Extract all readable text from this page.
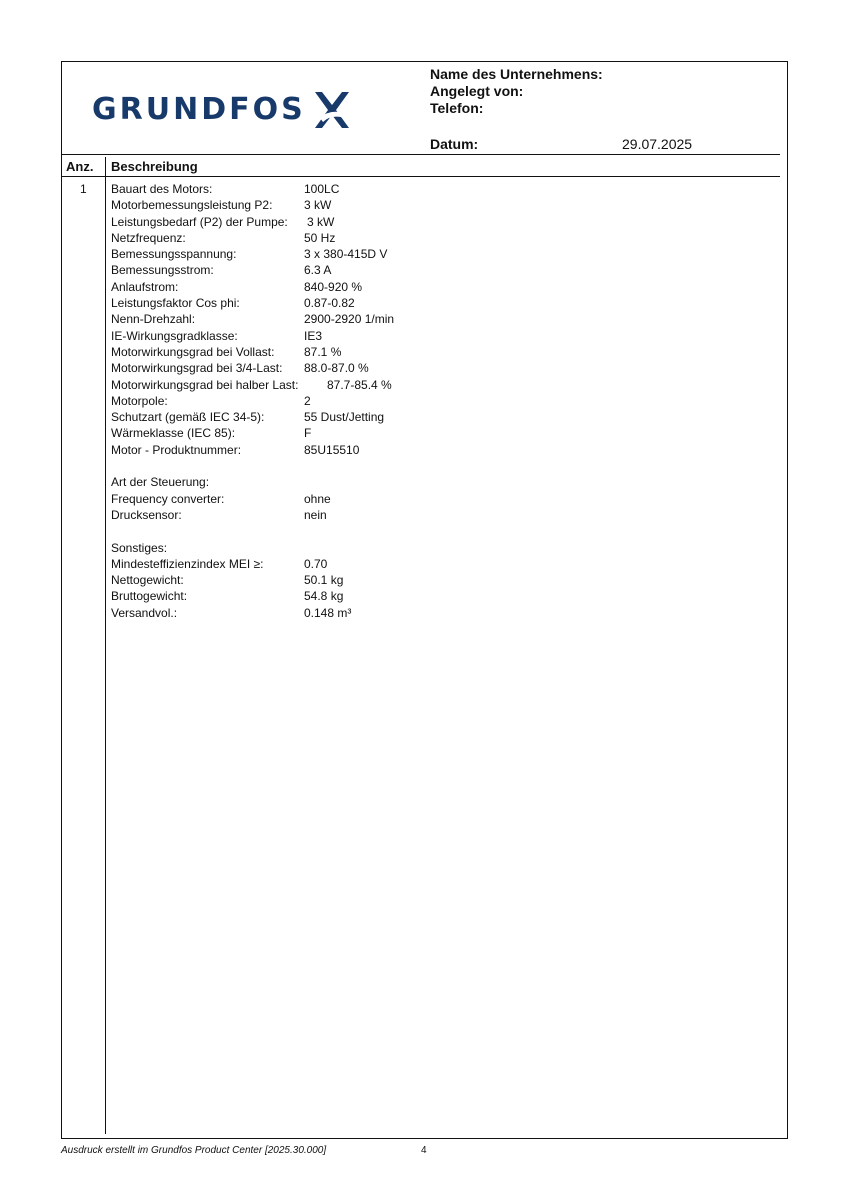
GRUNDFOS
Name des Unternehmens:
Angelegt von:
Telefon:
Datum:	29.07.2025
Anz. Beschreibung
1 Bauart des Motors:	100LC
Motorbemessungsleistung P2:	3 kW
Leistungsbedarf (P2) der Pumpe: 3 kW
Netzfrequenz:	50 Hz
Bemessungsspannung:	3 x 380-415D V
Bemessungsstrom:	6.3 A
Anlaufstrom:	840-920 %
Leistungsfaktor Cos phi:	0.87-0.82
Nenn-Drehzahl:	2900-2920 1/min
IE-Wirkungsgradklasse:	IE3
Motorwirkungsgrad bei Vollast: 87.1 %
Motorwirkungsgrad bei 3/4-Last: 88.0-87.0 %
Motorwirkungsgrad bei halber Last: 87.7-85.4 %
Motorpole:	2
Schutzart (gemäß IEC 34-5):	55 Dust/Jetting
Wärmeklasse (IEC 85):	F
Motor - Produktnummer:	85U15510
Art der Steuerung:
Frequency converter:	ohne
Drucksensor:	nein
Sonstiges:
Mindesteffizienzindex MEI ≥:	0.70
Nettogewicht:	50.1 kg
Bruttogewicht:	54.8 kg
Versandvol.:	0.148 m³
Ausdruck erstellt im Grundfos Product Center [2025.30.000]	4
